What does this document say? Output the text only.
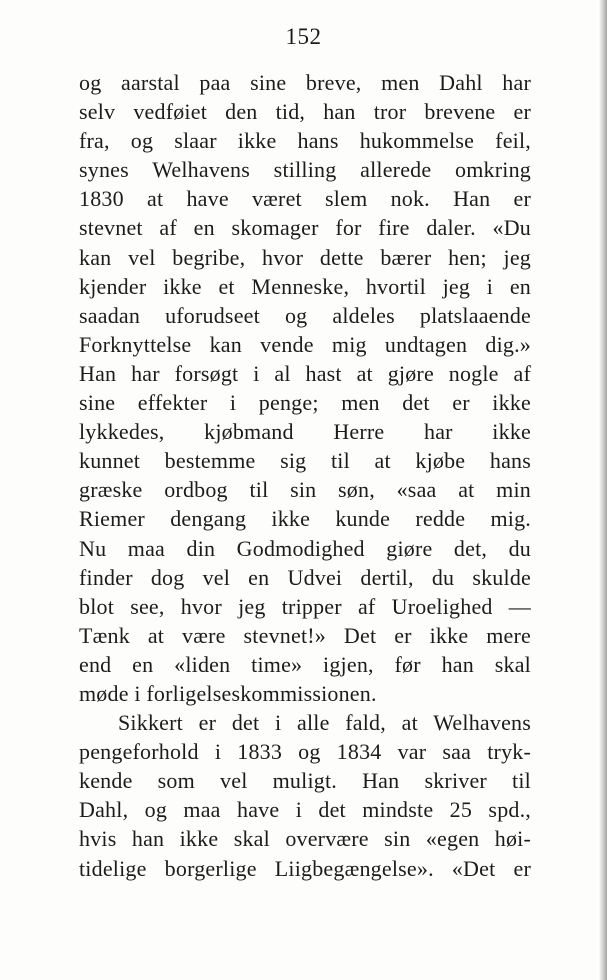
152
og aarstal paa sine breve, men Dahl har
selv vedføiet den tid, han tror brevene er
fra, og slaar ikke hans hukommelse feil,
synes Welhavens stilling allerede omkring
1830 at have været slem nok. Han er
stevnet af en skomager for fire daler. «Du
kan vel begribe, hvor dette bærer hen; jeg
kjender ikke et Menneske, hvortil jeg i en
saadan uforudseet og aldeles platslaaende
Forknyttelse kan vende mig undtagen dig.»
Han har forsøgt i al hast at gjøre nogle af
sine effekter i penge; men det er ikke
lykkedes, kjøbmand Herre har ikke
kunnet bestemme sig til at kjøbe hans
græske ordbog til sin søn, «saa at min
Riemer dengang ikke kunde redde mig.
Nu maa din Godmodighed giøre det, du
finder dog vel en Udvei dertil, du skulde
blot see, hvor jeg tripper af Uroelighed —
Tænk at være stevnet!» Det er ikke mere
end en «liden time» igjen, før han skal
møde i forligelseskommissionen.
Sikkert er det i alle fald, at Welhavens
pengeforhold i 1833 og 1834 var saa tryk-
kende som vel muligt. Han skriver til
Dahl, og maa have i det mindste 25 spd.,
hvis han ikke skal overvære sin «egen høi-
tidelige borgerlige Liigbegængelse». «Det er
